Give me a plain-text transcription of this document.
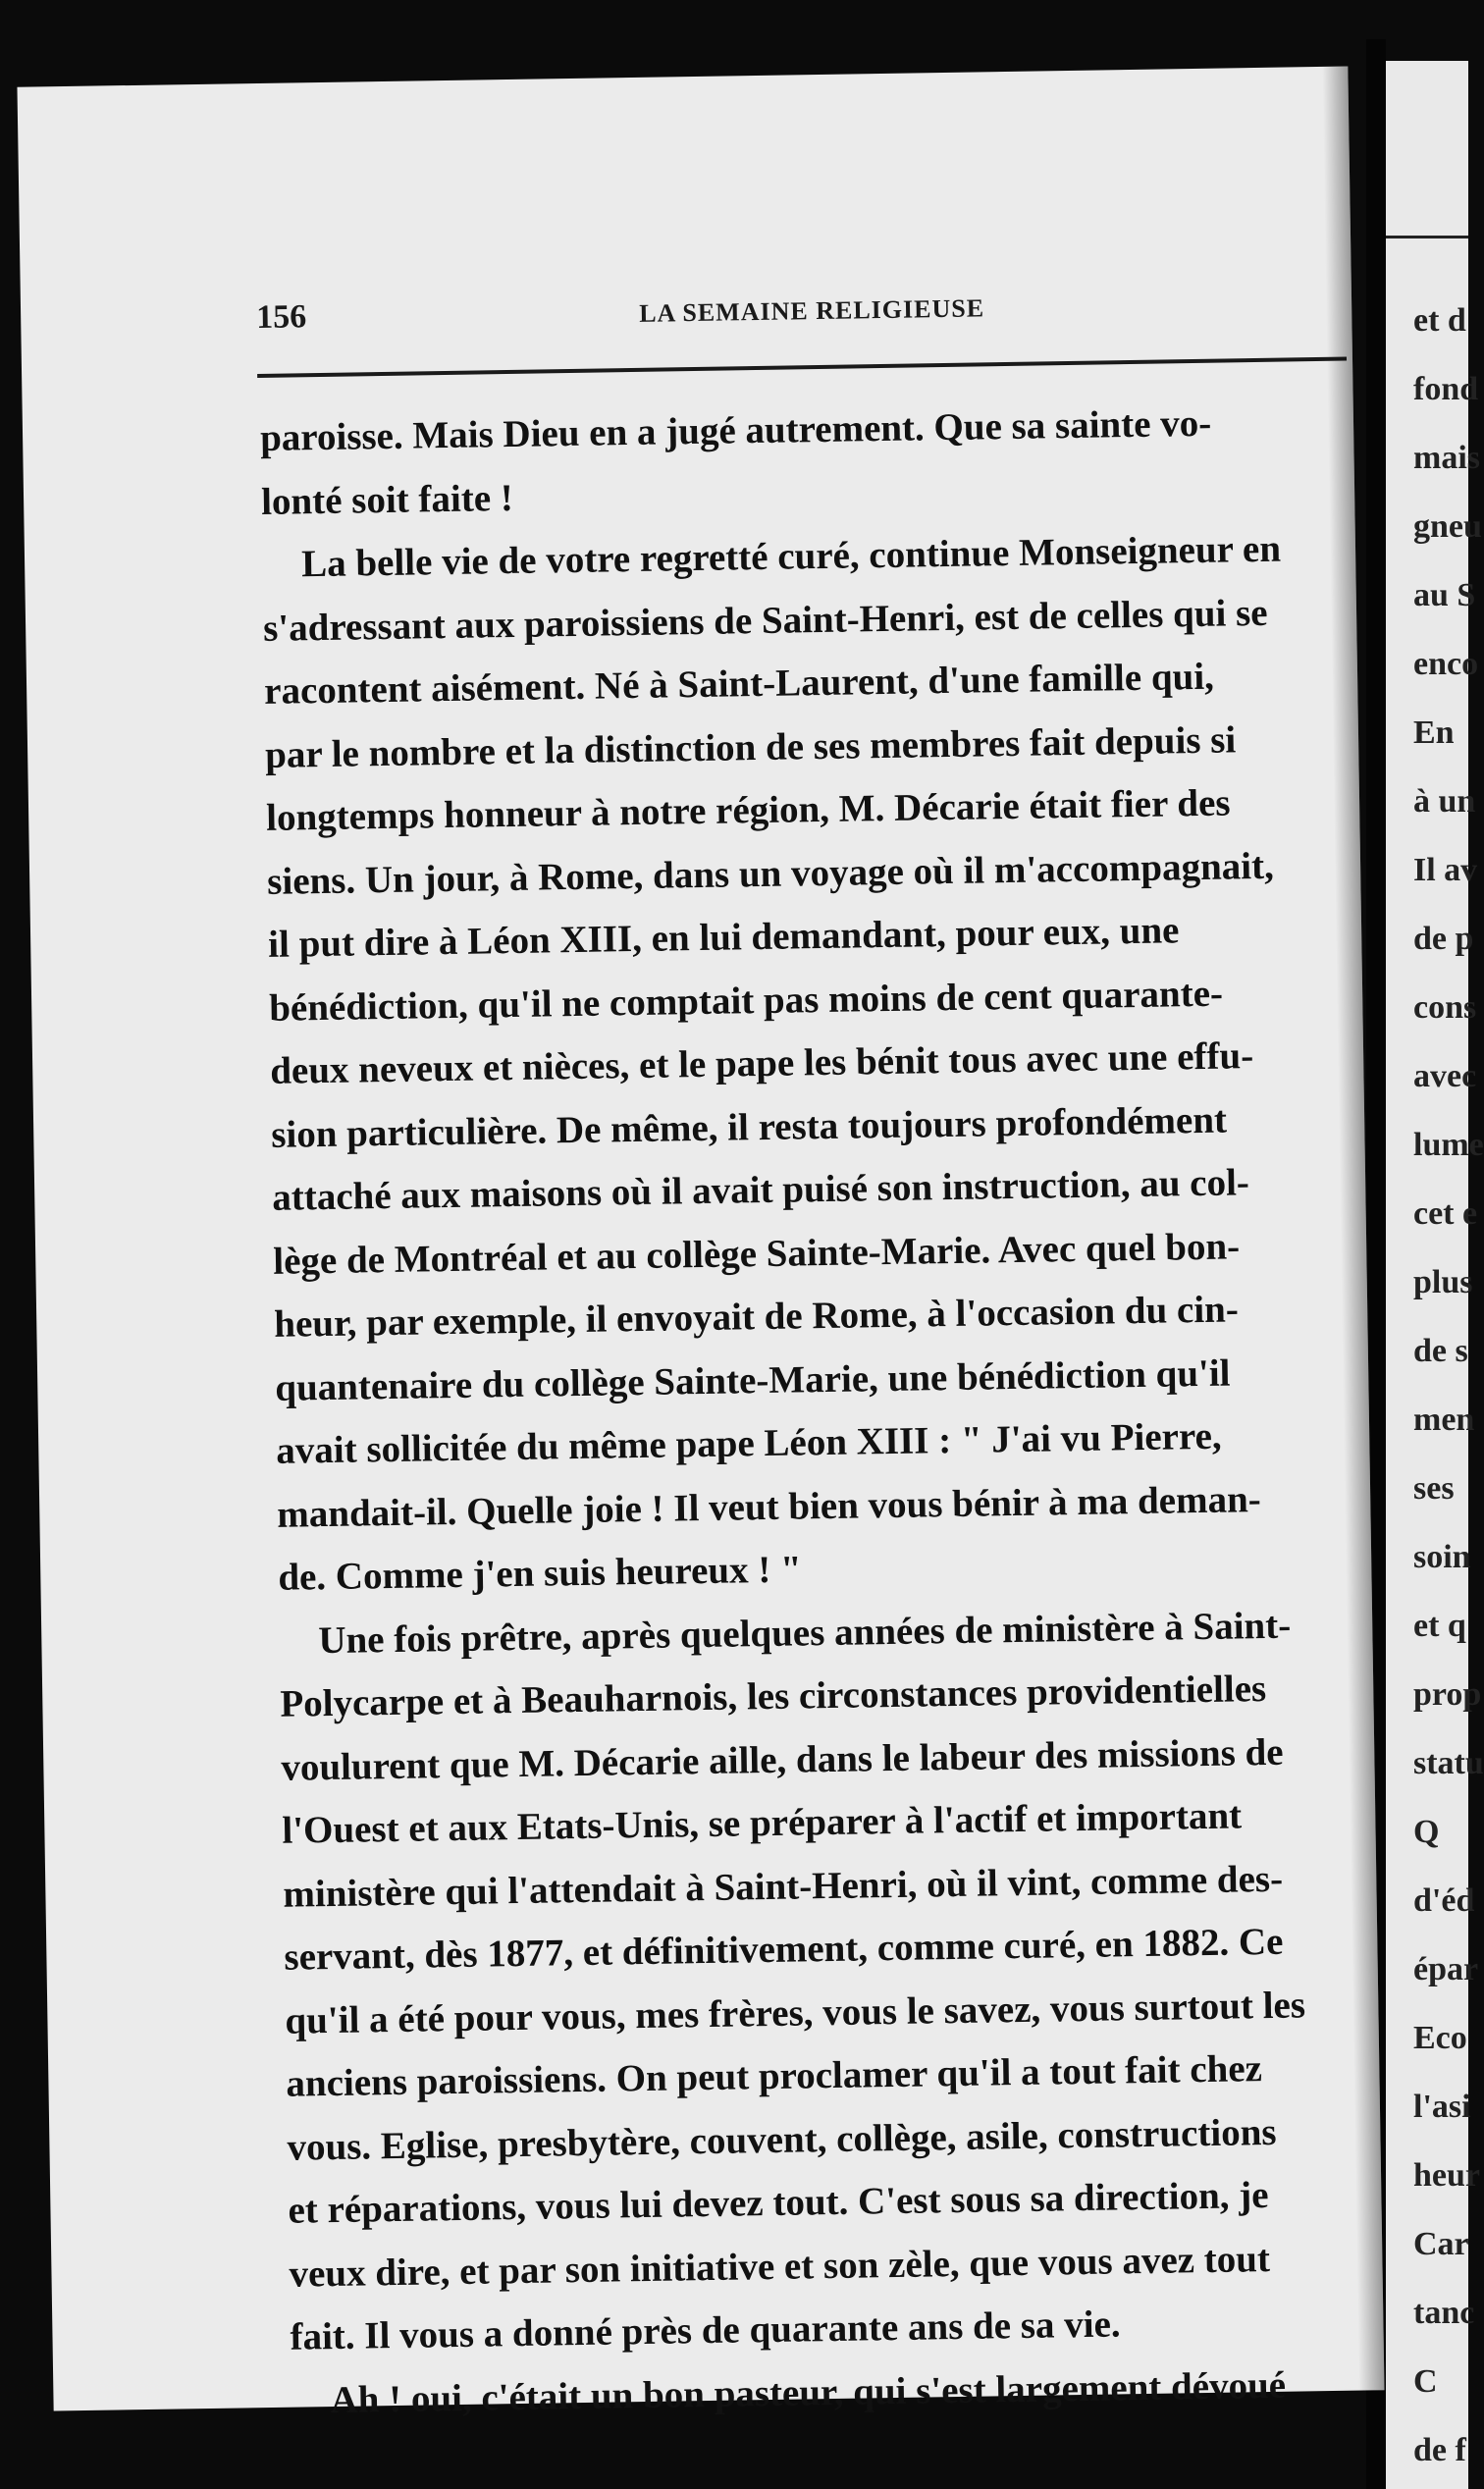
156	LA SEMAINE RELIGIEUSE
paroisse. Mais Dieu en a jugé autrement. Que sa sainte vo-
lonté soit faite !
La belle vie de votre regretté curé, continue Monseigneur en
s'adressant aux paroissiens de Saint-Henri, est de celles qui se
racontent aisément. Né à Saint-Laurent, d'une famille qui,
par le nombre et la distinction de ses membres fait depuis si
longtemps honneur à notre région, M. Décarie était fier des
siens. Un jour, à Rome, dans un voyage où il m'accompagnait,
il put dire à Léon XIII, en lui demandant, pour eux, une
bénédiction, qu'il ne comptait pas moins de cent quarante-
deux neveux et nièces, et le pape les bénit tous avec une effu-
sion particulière. De même, il resta toujours profondément
attaché aux maisons où il avait puisé son instruction, au col-
lège de Montréal et au collège Sainte-Marie. Avec quel bon-
heur, par exemple, il envoyait de Rome, à l'occasion du cin-
quantenaire du collège Sainte-Marie, une bénédiction qu'il
avait sollicitée du même pape Léon XIII : " J'ai vu Pierre,
mandait-il. Quelle joie ! Il veut bien vous bénir à ma deman-
de. Comme j'en suis heureux ! "
Une fois prêtre, après quelques années de ministère à Saint-
Polycarpe et à Beauharnois, les circonstances providentielles
voulurent que M. Décarie aille, dans le labeur des missions de
l'Ouest et aux Etats-Unis, se préparer à l'actif et important
ministère qui l'attendait à Saint-Henri, où il vint, comme des-
servant, dès 1877, et définitivement, comme curé, en 1882. Ce
qu'il a été pour vous, mes frères, vous le savez, vous surtout les
anciens paroissiens. On peut proclamer qu'il a tout fait chez
vous. Eglise, presbytère, couvent, collège, asile, constructions
et réparations, vous lui devez tout. C'est sous sa direction, je
veux dire, et par son initiative et son zèle, que vous avez tout
fait. Il vous a donné près de quarante ans de sa vie.
Ah ! oui, c'était un bon pasteur, qui s'est largement dévoué
et d
fond
mais
gneu
au S
enco
En
à un
Il av
de p
cons
avec
lume
cet e
plus
de s
men
ses
soin
et q
prop
statu
Q
d'éd
épar
Eco
l'asi
heur
Car
tanc
C
de f
